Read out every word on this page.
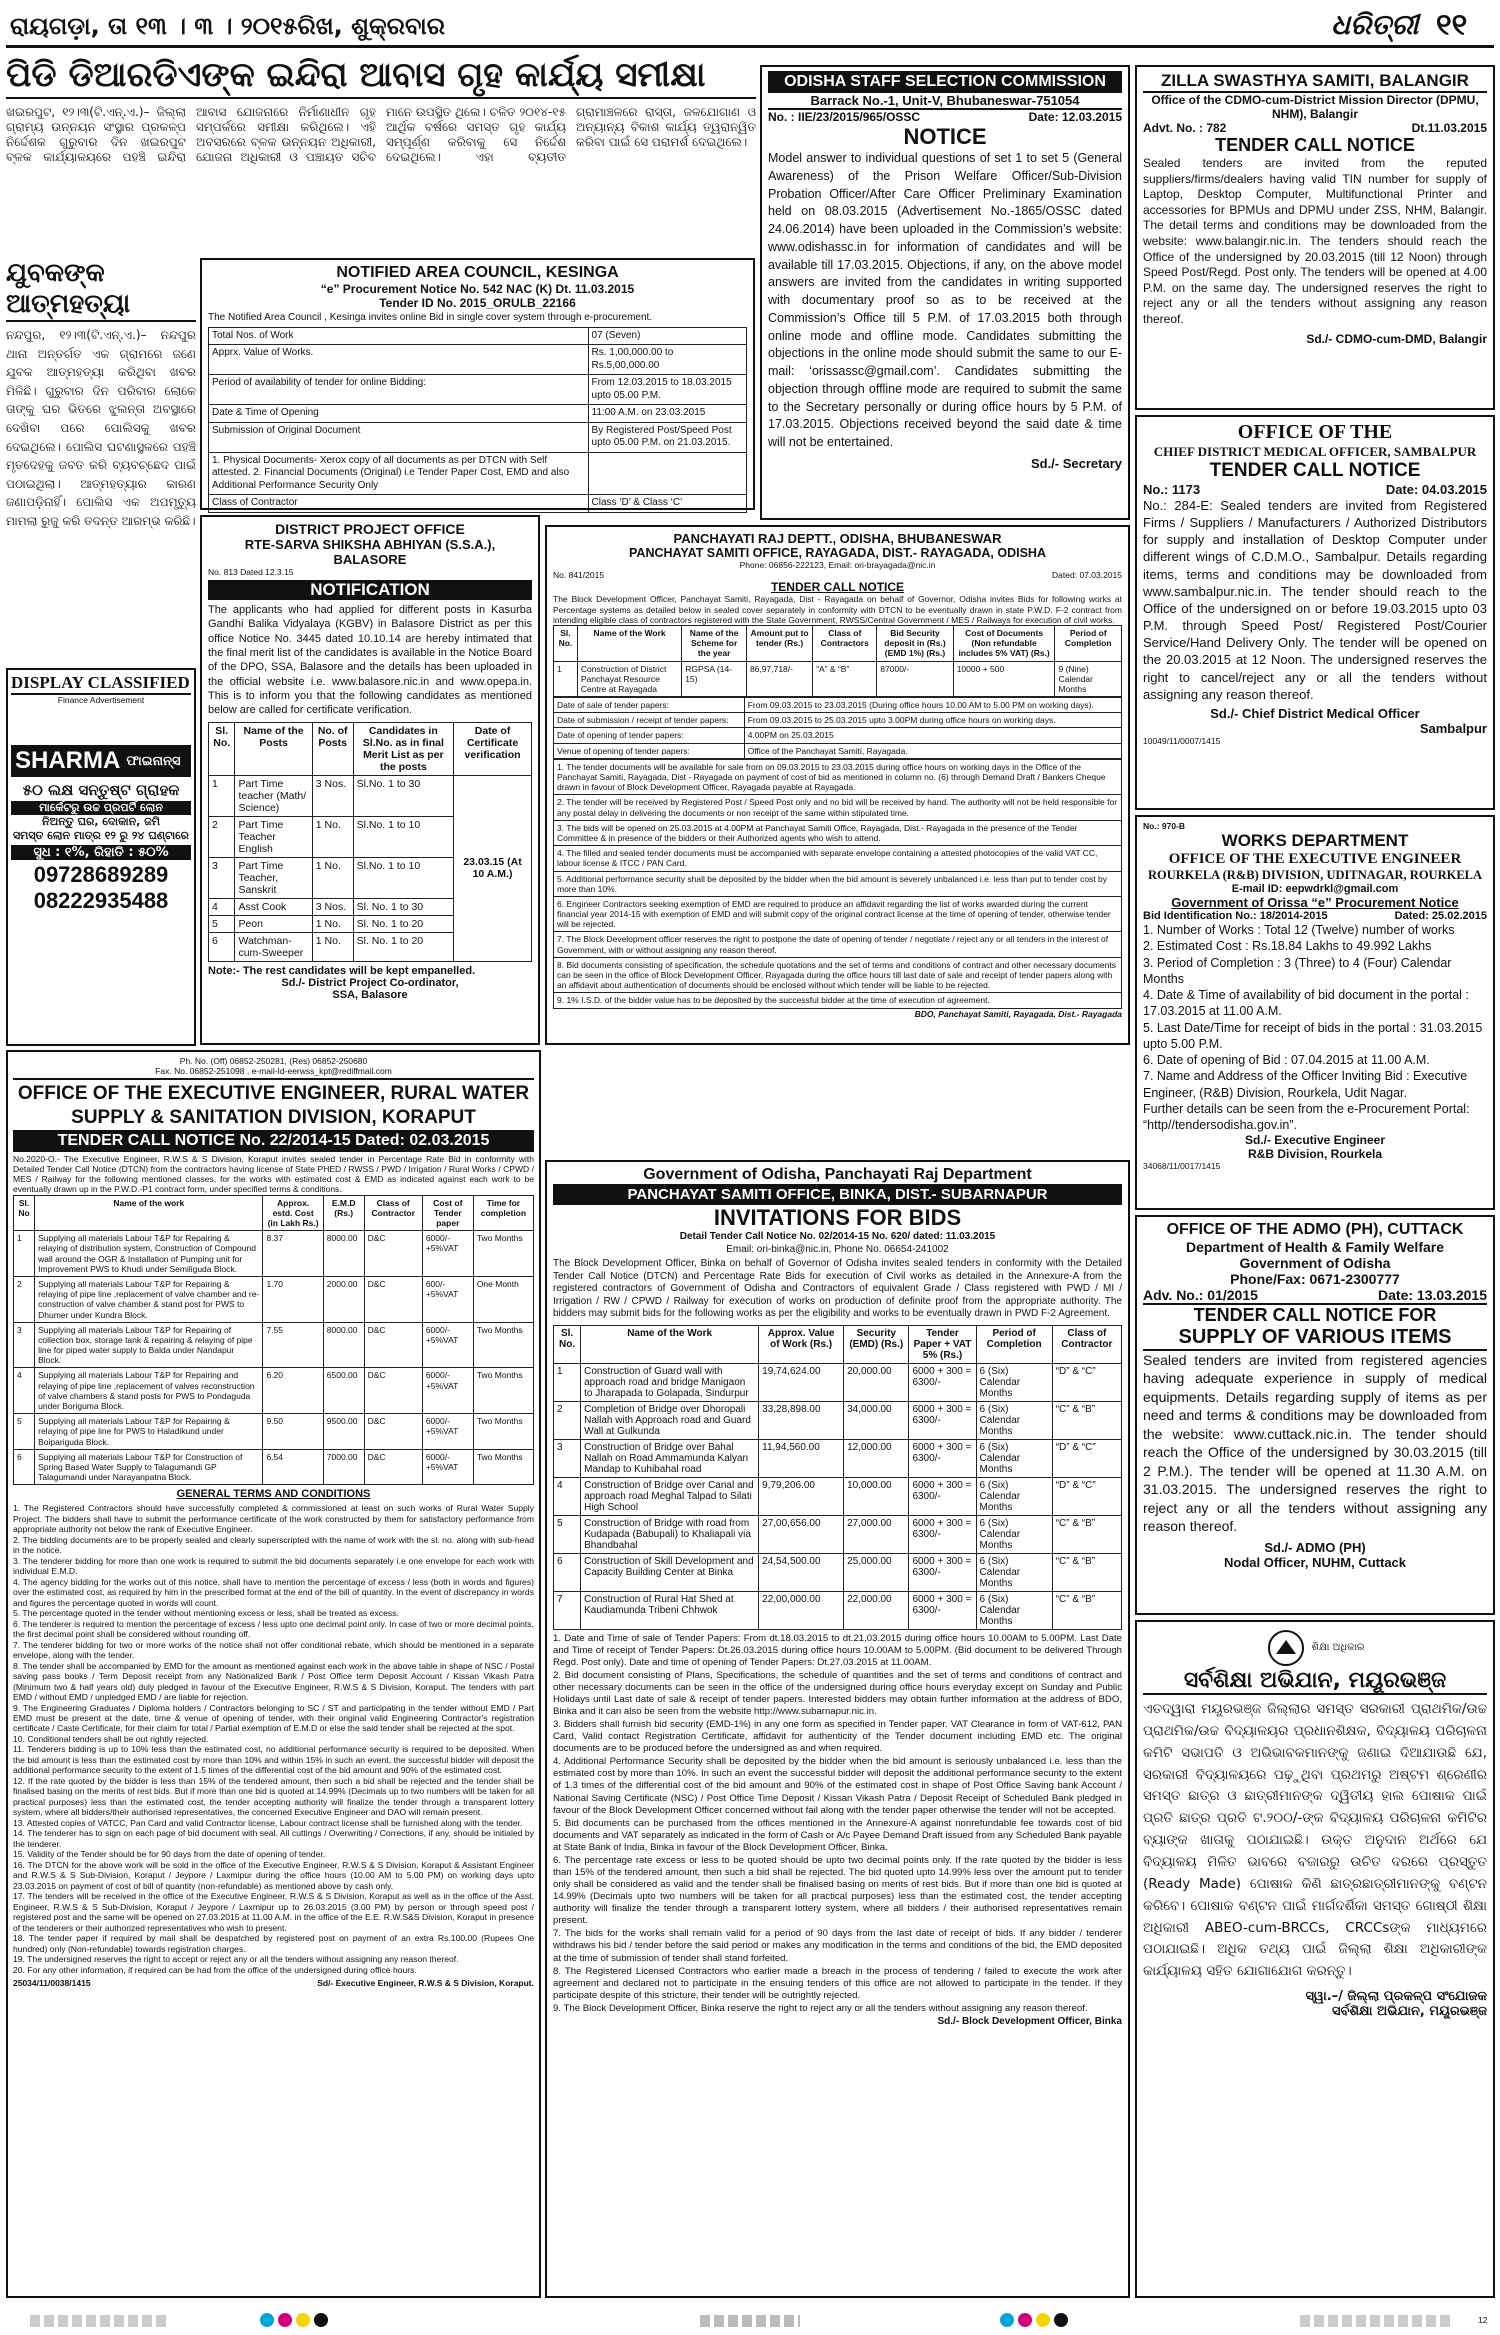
ରାୟଗଡ଼ା, ତା ୧୩ । ୩ । ୨୦୧୫ରିଖ, ଶୁକ୍ରବାର	ଧରିତ୍ରୀ ୧୧
ପିଡି ଡିଆରଡିଏଙ୍କ ଇନ୍ଦିରା ଆବାସ ଗୃହ କାର୍ଯ୍ୟ ସମୀକ୍ଷା
ଖଇରପୁଟ, ୧୨।୩(ଟି.ଏନ୍.ଏ.)– ଜିଲ୍ଲା ଗ୍ରାମ୍ୟ ଉନ୍ନୟନ ସଂସ୍ଥାର ପ୍ରକଳ୍ପ ନିର୍ଦ୍ଦେଶକ ଗୁରୁବାର ଦିନ ଖଇରପୁଟ ବ୍ଳକ କାର୍ଯ୍ୟାଳୟରେ ପହଞ୍ଚି ଇନ୍ଦିରା ଆବାସ ଯୋଜନାରେ ନିର୍ମାଣାଧୀନ ଗୃହ ସମ୍ପର୍କରେ ସମୀକ୍ଷା କରିଥିଲେ। ଏହି ଅବସରରେ ବ୍ଳକ ଉନ୍ନୟନ ଅଧିକାରୀ, ଯୋଜନା ଅଧିକାରୀ ଓ ପଞ୍ଚାୟତ ସଚିବ ମାନେ ଉପସ୍ଥିତ ଥିଲେ। ଚଳିତ ୨୦୧୪-୧୫ ଆର୍ଥିକ ବର୍ଷରେ ସମସ୍ତ ଗୃହ କାର୍ଯ୍ୟ ସମ୍ପୂର୍ଣ୍ଣ କରିବାକୁ ସେ ନିର୍ଦ୍ଦେଶ ଦେଇଥିଲେ। ଏହା ବ୍ୟତୀତ ଗ୍ରାମାଞ୍ଚଳରେ ରାସ୍ତା, ଜଳଯୋଗାଣ ଓ ଅନ୍ୟାନ୍ୟ ବିକାଶ କାର୍ଯ୍ୟ ତ୍ୱରାନ୍ୱିତ କରିବା ପାଇଁ ସେ ପରାମର୍ଶ ଦେଇଥିଲେ।
ଯୁବକଙ୍କ ଆତ୍ମହତ୍ୟା
ନନ୍ଦପୁର, ୧୨।୩(ଟି.ଏନ୍.ଏ.)– ନନ୍ଦପୁର ଥାନା ଅନ୍ତର୍ଗତ ଏକ ଗ୍ରାମରେ ଜଣେ ଯୁବକ ଆତ୍ମହତ୍ୟା କରିଥିବା ଖବର ମିଳିଛି। ଗୁରୁବାର ଦିନ ପରିବାର ଲୋକେ ତାଙ୍କୁ ଘର ଭିତରେ ଝୁଲନ୍ତା ଅବସ୍ଥାରେ ଦେଖିବା ପରେ ପୋଲିସକୁ ଖବର ଦେଇଥିଲେ। ପୋଲିସ ଘଟଣାସ୍ଥଳରେ ପହଞ୍ଚି ମୃତଦେହକୁ ଜବତ କରି ବ୍ୟବଚ୍ଛେଦ ପାଇଁ ପଠାଇଥିଲା। ଆତ୍ମହତ୍ୟାର କାରଣ ଜଣାପଡ଼ିନାହିଁ। ପୋଲିସ ଏକ ଅପମୃତ୍ୟୁ ମାମଲା ରୁଜୁ କରି ତଦନ୍ତ ଆରମ୍ଭ କରିଛି।
NOTIFIED AREA COUNCIL, KESINGA
“e” Procurement Notice No. 542 NAC (K) Dt. 11.03.2015
Tender ID No. 2015_ORULB_22166
The Notified Area Council , Kesinga invites online Bid in single cover system through e-procurement.
Total Nos. of Work	07 (Seven)
Apprx. Value of Works.	Rs. 1,00,000.00 to Rs.5,00,000.00
Period of availability of tender for online Bidding:	From 12.03.2015 to 18.03.2015 upto 05.00 P.M.
Date & Time of Opening	11:00 A.M. on 23.03.2015
Submission of Original Document	By Registered Post/Speed Post upto 05.00 P.M. on 21.03.2015.
1. Physical Documents- Xerox copy of all documents as per DTCN with Self attested. 2. Financial Documents (Original) i.e Tender Paper Cost, EMD and also Additional Performance Security Only	
Class of Contractor	Class ‘D’ & Class ‘C’
DISTRICT PROJECT OFFICE
RTE-SARVA SHIKSHA ABHIYAN (S.S.A.),
BALASORE
No. 813 Dated 12.3.15
NOTIFICATION
The applicants who had applied for different posts in Kasurba Gandhi Balika Vidyalaya (KGBV) in Balasore District as per this office Notice No. 3445 dated 10.10.14 are hereby intimated that the final merit list of the candidates is available in the Notice Board of the DPO, SSA, Balasore and the details has been uploaded in the official website i.e. www.balasore.nic.in and www.opepa.in. This is to inform you that the following candidates as mentioned below are called for certificate verification.
Sl. No.	Name of the Posts	No. of Posts	Candidates in Sl.No. as in final Merit List as per the posts	Date of Certificate verification
1	Part Time teacher (Math/ Science)	3 Nos.	Sl.No. 1 to 30	23.03.15 (At 10 A.M.)
2	Part Time Teacher English	1 No.	Sl.No. 1 to 10	
3	Part Time Teacher, Sanskrit	1 No.	Sl.No. 1 to 10	
4	Asst Cook	3 Nos.	Sl. No. 1 to 30	
5	Peon	1 No.	Sl. No. 1 to 20	
6	Watchman-cum-Sweeper	1 No.	Sl. No. 1 to 20	
Note:- The rest candidates will be kept empanelled.
Sd./- District Project Co-ordinator,
SSA, Balasore
DISPLAY CLASSIFIED
Finance Advertisement
SHARMA ଫାଇନାନ୍ସ
୫୦ ଲକ୍ଷ ସନ୍ତୁଷ୍ଟ ଗ୍ରାହକ
ମାର୍କେଟରୁ ଉଚ୍ଚ ପ୍ରପର୍ଟି ଲୋନ
ନିଅନ୍ତୁ ଘର, ଦୋକାନ, ଜମି
ସମସ୍ତ ଲୋନ ମାତ୍ର ୧୨ ରୁ ୨୪ ଘଣ୍ଟାରେ
ସୁଧ : ୧%, ରିହାତି : ୫୦%
09728689289
08222935488
ODISHA STAFF SELECTION COMMISSION
Barrack No.-1, Unit-V, Bhubaneswar-751054
No. : IIE/23/2015/965/OSSC	Date: 12.03.2015
NOTICE
Model answer to individual questions of set 1 to set 5 (General Awareness) of the Prison Welfare Officer/Sub-Division Probation Officer/After Care Officer Preliminary Examination held on 08.03.2015 (Advertisement No.-1865/OSSC dated 24.06.2014) have been uploaded in the Commission’s website: www.odishassc.in for information of candidates and will be available till 17.03.2015. Objections, if any, on the above model answers are invited from the candidates in writing supported with documentary proof so as to be received at the Commission’s Office till 5 P.M. of 17.03.2015 both through online mode and offline mode. Candidates submitting the objections in the online mode should submit the same to our E-mail: ‘orissassc@gmail.com’. Candidates submitting the objection through offline mode are required to submit the same to the Secretary personally or during office hours by 5 P.M. of 17.03.2015. Objections received beyond the said date & time will not be entertained.
Sd./- Secretary
PANCHAYATI RAJ DEPTT., ODISHA, BHUBANESWAR
PANCHAYAT SAMITI OFFICE, RAYAGADA, DIST.- RAYAGADA, ODISHA
Phone: 06856-222123, Email: ori-brayagada@nic.in
No. 841/2015	Dated: 07.03.2015
TENDER CALL NOTICE
The Block Development Officer, Panchayat Samiti, Rayagada, Dist - Rayagada on behalf of Governor, Odisha invites Bids for following works at Percentage systems as detailed below in sealed cover separately in conformity with DTCN to be eventually drawn in state P.W.D. F-2 contract from intending eligible class of contractors registered with the State Government, RWSS/Central Government / MES / Railways for execution of civil works.
Sl. No.	Name of the Work	Name of the Scheme for the year	Amount put to tender (Rs.)	Class of Contractors	Bid Security deposit in (Rs.) (EMD 1%) (Rs.)	Cost of Documents (Non refundable includes 5% VAT) (Rs.)	Period of Completion
1	Construction of District Panchayat Resource Centre at Rayagada	RGPSA (14-15)	86,97,718/-	“A” & “B”	87000/-	10000 + 500	9 (Nine) Calendar Months
Date of sale of tender papers:	From 09.03.2015 to 23.03.2015 (During office hours 10.00 AM to 5.00 PM on working days).
Date of submission / receipt of tender papers:	From 09.03.2015 to 25.03.2015 upto 3.00PM during office hours on working days.
Date of opening of tender papers:	4.00PM on 25.03.2015
Venue of opening of tender papers:	Office of the Panchayat Samiti, Rayagada.
1. The tender documents will be available for sale from on 09.03.2015 to 23.03.2015 during office hours on working days in the Office of the Panchayat Samiti, Rayagada, Dist - Rayagada on payment of cost of bid as mentioned in column no. (6) through Demand Draft / Bankers Cheque drawn in favour of Block Development Officer, Rayagada payable at Rayagada.
2. The tender will be received by Registered Post / Speed Post only and no bid will be received by hand. The authority will not be held responsible for any postal delay in delivering the documents or non receipt of the same within stipulated time.
3. The bids will be opened on 25.03.2015 at 4.00PM at Panchayat Samiti Office, Rayagada, Dist.- Rayagada in the presence of the Tender Committee & in presence of the bidders or their Authorized agents who wish to attend.
4. The filled and sealed tender documents must be accompanied with separate envelope containing a attested photocopies of the valid VAT CC, labour license & ITCC / PAN Card.
5. Additional performance security shall be deposited by the bidder when the bid amount is severely unbalanced i.e. less than put to tender cost by more than 10%.
6. Engineer Contractors seeking exemption of EMD are required to produce an affidavit regarding the list of works awarded during the current financial year 2014-15 with exemption of EMD and will submit copy of the original contract license at the time of opening of tender, otherwise tender will be rejected.
7. The Block Development officer reserves the right to postpone the date of opening of tender / negotiate / reject any or all tenders in the interest of Government, with or without assigning any reason thereof.
8. Bid documents consisting of specification, the schedule quotations and the set of terms and conditions of contract and other necessary documents can be seen in the office of Block Development Officer, Rayagada during the office hours till last date of sale and receipt of tender papers along with an affidavit about authentication of documents should be enclosed without which tender will be liable to be rejected.
9. 1% I.S.D. of the bidder value has to be deposited by the successful bidder at the time of execution of agreement.
BDO, Panchayat Samiti, Rayagada, Dist.- Rayagada
Ph. No. (Off) 06852-250281, (Res) 06852-250680
Fax. No. 06852-251098 , e-mail-Id-eerwss_kpt@rediffmail.com
OFFICE OF THE EXECUTIVE ENGINEER, RURAL WATER SUPPLY & SANITATION DIVISION, KORAPUT
TENDER CALL NOTICE No. 22/2014-15 Dated: 02.03.2015
No.2020-O.- The Executive Engineer, R.W.S & S Division, Koraput invites sealed tender in Percentage Rate Bid in conformity with Detailed Tender Call Notice (DTCN) from the contractors having license of State PHED / RWSS / PWD / Irrigation / Rural Works / CPWD / MES / Railway for the following mentioned classes, for the works with estimated cost & EMD as indicated against each work to be eventually drawn up in the P.W.D.-P1 contract form, under specified terms & conditions.
Sl. No	Name of the work	Approx. estd. Cost (in Lakh Rs.)	E.M.D (Rs.)	Class of Contractor	Cost of Tender paper	Time for completion
1	Supplying all materials Labour T&P for Repairing & relaying of distribution system, Construction of Compound wall around the OGR & Installation of Pumping unit for Improvement PWS to Khudi under Semiliguda Block.	8.37	8000.00	D&C	6000/-+5%VAT	Two Months
2	Supplying all materials Labour T&P for Repairing & relaying of pipe line ,replacement of valve chamber and re-construction of valve chamber & stand post for PWS to Dhumer under Kundra Block.	1.70	2000.00	D&C	600/-+5%VAT	One Month
3	Supplying all materials Labour T&P for Repairing of collection box, storage tank & repairing & relaying of pipe line for piped water supply to Balda under Nandapur Block.	7.55	8000.00	D&C	6000/-+5%VAT	Two Months
4	Supplying all materials Labour T&P for Repairing and relaying of pipe line ,replacement of valves reconstruction of valve chambers & stand posts for PWS to Pondaguda under Boriguma Block.	6.20	6500.00	D&C	6000/-+5%VAT	Two Months
5	Supplying all materials Labour T&P for Repairing & relaying of pipe line for PWS to Haladikund under Boipariguda Block.	9.50	9500.00	D&C	6000/-+5%VAT	Two Months
6	Supplying all materials Labour T&P for Construction of Spring Based Water Supply to Talagumandi GP Talagumandi under Narayanpatna Block.	6.54	7000.00	D&C	6000/-+5%VAT	Two Months
GENERAL TERMS AND CONDITIONS
1. The Registered Contractors should have successfully completed & commissioned at least on such works of Rural Water Supply Project. The bidders shall have to submit the performance certificate of the work constructed by them for satisfactory performance from appropriate authority not below the rank of Executive Engineer.
2. The bidding documents are to be properly sealed and clearly superscripted with the name of work with the sl. no. along with sub-head in the notice.
3. The tenderer bidding for more than one work is required to submit the bid documents separately i.e one envelope for each work with individual E.M.D.
4. The agency bidding for the works out of this notice, shall have to mention the percentage of excess / less (both in words and figures) over the estimated cost, as required by him in the prescribed format at the end of the bill of quantity. In the event of discrepancy in words and figures the percentage quoted in words will count.
5. The percentage quoted in the tender without mentioning excess or less, shall be treated as excess.
6. The tenderer is required to mention the percentage of excess / less upto one decimal point only. In case of two or more decimal points, the first decimal point shall be considered without rounding off.
7. The tenderer bidding for two or more works of the notice shall not offer conditional rebate, which should be mentioned in a separate envelope, along with the tender.
8. The tender shall be accompanied by EMD for the amount as mentioned against each work in the above table in shape of NSC / Postal saving pass books / Term Deposit receipt from any Nationalized Bank / Post Office term Deposit Account / Kissan Vikash Patra (Minimum two & half years old) duly pledged in favour of the Executive Engineer, R.W.S & S Division, Koraput. The tenders with part EMD / without EMD / unpledged EMD / are liable for rejection.
9. The Engineering Graduates / Diploma holders / Contractors belonging to SC / ST and participating in the tender without EMD / Part EMD must be present at the date, time & venue of opening of tender, with their original valid Engineering Contractor's registration certificate / Caste Certificate, for their claim for total / Partial exemption of E.M.D or else the said tender shall be rejected at the spot.
10. Conditional tenders shall be out rightly rejected.
11. Tenderers bidding is up to 10% less than the estimated cost, no additional performance security is required to be deposited. When the bid amount is less than the estimated cost by more than 10% and within 15% in such an event, the successful bidder will deposit the additional performance security to the extent of 1.5 times of the differential cost of the bid amount and 90% of the estimated cost.
12. If the rate quoted by the bidder is less than 15% of the tendered amount, then such a bid shall be rejected and the tender shall be finalised basing on the merits of rest bids. But if more than one bid is quoted at 14.99% (Decimals up to two numbers will be taken for all practical purposes) less than the estimated cost, the tender accepting authority will finalize the tender through a transparent lottery system, where all bidders/their authorised representatives, the concerned Executive Engineer and DAO will remain present.
13. Attested copies of VATCC, Pan Card and valid Contractor license, Labour contract license shall be furnished along with the tender.
14. The tenderer has to sign on each page of bid document with seal. All cuttings / Overwriting / Corrections, if any, should be initialed by the tenderer.
15. Validity of the Tender should be for 90 days from the date of opening of tender.
16. The DTCN for the above work will be sold in the office of the Executive Engineer, R.W.S & S Division, Koraput & Assistant Engineer and R.W.S & S Sub-Division, Koraput / Jeypore / Laxmipur during the office hours (10.00 AM to 5.00 PM) on working days upto 23.03.2015 on payment of cost of bill of quantity (non-refundable) as mentioned above by cash only.
17. The tenders will be received in the office of the Executive Engineer, R.W.S & S Division, Koraput as well as in the office of the Asst. Engineer, R.W.S & S Sub-Division, Koraput / Jeypore / Laxmipur up to 26.03.2015 (3.00 PM) by person or through speed post / registered post and the same will be opened on 27.03.2015 at 11.00 A.M. in the office of the E.E. R.W.S&S Division, Koraput in presence of the tenderers or their authorized representatives who wish to present.
18. The tender paper if required by mail shall be despatched by registered post on payment of an extra Rs.100.00 (Rupees One hundred) only (Non-refundable) towards registration charges.
19. The undersigned reserves the right to accept or reject any or all the tenders without assigning any reason thereof.
20. For any other information, if required can be had from the office of the undersigned during office hours.
25034/11/0038/1415	Sd/- Executive Engineer, R.W.S & S Division, Koraput.
Government of Odisha, Panchayati Raj Department
PANCHAYAT SAMITI OFFICE, BINKA, DIST.- SUBARNAPUR
INVITATIONS FOR BIDS
Detail Tender Call Notice No. 02/2014-15 No. 620/ dated: 11.03.2015
Email: ori-binka@nic.in, Phone No. 06654-241002
The Block Development Officer, Binka on behalf of Governor of Odisha invites sealed tenders in conformity with the Detailed Tender Call Notice (DTCN) and Percentage Rate Bids for execution of Civil works as detailed in the Annexure-A from the registered contractors of Government of Odisha and Contractors of equivalent Grade / Class registered with PWD / MI / Irrigation / RW / CPWD / Railway for execution of works on production of definite proof from the appropriate authority. The bidders may submit bids for the following works as per the eligibility and works to be eventually drawn in PWD F-2 Agreement.
Sl. No.	Name of the Work	Approx. Value of Work (Rs.)	Security (EMD) (Rs.)	Tender Paper + VAT 5% (Rs.)	Period of Completion	Class of Contractor
1	Construction of Guard wall with approach road and bridge Manigaon to Jharapada to Golapada, Sindurpur	19,74,624.00	20,000.00	6000 + 300 = 6300/-	6 (Six) Calendar Months	“D” & “C”
2	Completion of Bridge over Dhoropali Nallah with Approach road and Guard Wall at Gulkunda	33,28,898.00	34,000.00	6000 + 300 = 6300/-	6 (Six) Calendar Months	“C” & “B”
3	Construction of Bridge over Bahal Nallah on Road Ammamunda Kalyan Mandap to Kuhibahal road	11,94,560.00	12,000.00	6000 + 300 = 6300/-	6 (Six) Calendar Months	“D” & “C”
4	Construction of Bridge over Canal and approach road Meghal Talpad to Silati High School	9,79,206.00	10,000.00	6000 + 300 = 6300/-	6 (Six) Calendar Months	“D” & “C”
5	Construction of Bridge with road from Kudapada (Babupali) to Khaliapali via Bhandbahal	27,00,656.00	27,000.00	6000 + 300 = 6300/-	6 (Six) Calendar Months	“C” & “B”
6	Construction of Skill Development and Capacity Building Center at Binka	24,54,500.00	25,000.00	6000 + 300 = 6300/-	6 (Six) Calendar Months	“C” & “B”
7	Construction of Rural Hat Shed at Kaudiamunda Tribeni Chhwok	22,00,000.00	22,000.00	6000 + 300 = 6300/-	6 (Six) Calendar Months	“C” & “B”
1. Date and Time of sale of Tender Papers: From dt.18.03.2015 to dt.21.03.2015 during office hours 10.00AM to 5.00PM. Last Date and Time of receipt of Tender Papers: Dt.26.03.2015 during office hours 10.00AM to 5.00PM. (Bid document to be delivered Through Regd. Post only). Date and time of opening of Tender Papers: Dt.27.03.2015 at 11.00AM.
2. Bid document consisting of Plans, Specifications, the schedule of quantities and the set of terms and conditions of contract and other necessary documents can be seen in the office of the undersigned during office hours everyday except on Sunday and Public Holidays until Last date of sale & receipt of tender papers. Interested bidders may obtain further information at the address of BDO, Binka and it can also be seen from the website http://www.subarnapur.nic.in.
3. Bidders shall furnish bid security (EMD-1%) in any one form as specified in Tender paper. VAT Clearance in form of VAT-612, PAN Card, Valid contact Registration Certificate, affidavit for authenticity of the Tender document including EMD etc. The original documents are to be produced before the undersigned as and when required.
4. Additional Performance Security shall be deposited by the bidder when the bid amount is seriously unbalanced i.e. less than the estimated cost by more than 10%. In such an event the successful bidder will deposit the additional performance security to the extent of 1.3 times of the differential cost of the bid amount and 90% of the estimated cost in shape of Post Office Saving bank Account / National Saving Certificate (NSC) / Post Office Time Deposit / Kissan Vikash Patra / Deposit Receipt of Scheduled Bank pledged in favour of the Block Development Officer concerned without fail along with the tender paper otherwise the tender will not be accepted.
5. Bid documents can be purchased from the offices mentioned in the Annexure-A against nonrefundable fee towards cost of bid documents and VAT separately as indicated in the form of Cash or A/c Payee Demand Draft issued from any Scheduled Bank payable at State Bank of India, Binka in favour of the Block Development Officer, Binka.
6. The percentage rate excess or less to be quoted should be upto two decimal points only. If the rate quoted by the bidder is less than 15% of the tendered amount, then such a bid shall be rejected. The bid quoted upto 14.99% less over the amount put to tender only shall be considered as valid and the tender shall be finalised basing on merits of rest bids. But if more than one bid is quoted at 14.99% (Decimals upto two numbers will be taken for all practical purposes) less than the estimated cost, the tender accepting authority will finalize the tender through a transparent lottery system, where all bidders / their authorised representatives remain present.
7. The bids for the works shall remain valid for a period of 90 days from the last date of receipt of bids. If any bidder / tenderer withdraws his bid / tender before the said period or makes any modification in the terms and conditions of the bid, the EMD deposited at the time of submission of tender shall stand forfeited.
8. The Registered Licensed Contractors who earlier made a breach in the process of tendering / failed to execute the work after agreement and declared not to participate in the ensuing tenders of this office are not allowed to participate in the tender. If they participate despite of this stricture, their tender will be outrightly rejected.
9. The Block Development Officer, Binka reserve the right to reject any or all the tenders without assigning any reason thereof.
Sd./- Block Development Officer, Binka
ZILLA SWASTHYA SAMITI, BALANGIR
Office of the CDMO-cum-District Mission Director (DPMU, NHM), Balangir
Advt. No. : 782	Dt.11.03.2015
TENDER CALL NOTICE
Sealed tenders are invited from the reputed suppliers/firms/dealers having valid TIN number for supply of Laptop, Desktop Computer, Multifunctional Printer and accessories for BPMUs and DPMU under ZSS, NHM, Balangir. The detail terms and conditions may be downloaded from the website: www.balangir.nic.in. The tenders should reach the Office of the undersigned by 20.03.2015 (till 12 Noon) through Speed Post/Regd. Post only. The tenders will be opened at 4.00 P.M. on the same day. The undersigned reserves the right to reject any or all the tenders without assigning any reason thereof.
Sd./- CDMO-cum-DMD, Balangir
OFFICE OF THE
CHIEF DISTRICT MEDICAL OFFICER, SAMBALPUR
TENDER CALL NOTICE
No.: 1173	Date: 04.03.2015
No.: 284-E: Sealed tenders are invited from Registered Firms / Suppliers / Manufacturers / Authorized Distributors for supply and installation of Desktop Computer under different wings of C.D.M.O., Sambalpur. Details regarding items, terms and conditions may be downloaded from www.sambalpur.nic.in. The tender should reach to the Office of the undersigned on or before 19.03.2015 upto 03 P.M. through Speed Post/ Registered Post/Courier Service/Hand Delivery Only. The tender will be opened on the 20.03.2015 at 12 Noon. The undersigned reserves the right to cancel/reject any or all the tenders without assigning any reason thereof.
Sd./- Chief District Medical Officer
Sambalpur
10049/11/0007/1415
No.: 970-B
WORKS DEPARTMENT
OFFICE OF THE EXECUTIVE ENGINEER
ROURKELA (R&B) DIVISION, UDITNAGAR, ROURKELA
E-mail ID: eepwdrkl@gmail.com
Government of Orissa “e” Procurement Notice
Bid Identification No.: 18/2014-2015	Dated: 25.02.2015
1. Number of Works : Total 12 (Twelve) number of works
2. Estimated Cost : Rs.18.84 Lakhs to 49.992 Lakhs
3. Period of Completion : 3 (Three) to 4 (Four) Calendar Months
4. Date & Time of availability of bid document in the portal : 17.03.2015 at 11.00 A.M.
5. Last Date/Time for receipt of bids in the portal : 31.03.2015 upto 5.00 P.M.
6. Date of opening of Bid : 07.04.2015 at 11.00 A.M.
7. Name and Address of the Officer Inviting Bid : Executive Engineer, (R&B) Division, Rourkela, Udit Nagar.
Further details can be seen from the e-Procurement Portal: “http//tendersodisha.gov.in”.
Sd./- Executive Engineer
R&B Division, Rourkela
34068/11/0017/1415
OFFICE OF THE ADMO (PH), CUTTACK
Department of Health & Family Welfare
Government of Odisha
Phone/Fax: 0671-2300777
Adv. No.: 01/2015	Date: 13.03.2015
TENDER CALL NOTICE FOR
SUPPLY OF VARIOUS ITEMS
Sealed tenders are invited from registered agencies having adequate experience in supply of medical equipments. Details regarding supply of items as per need and terms & conditions may be downloaded from the website: www.cuttack.nic.in. The tender should reach the Office of the undersigned by 30.03.2015 (till 2 P.M.). The tender will be opened at 11.30 A.M. on 31.03.2015. The undersigned reserves the right to reject any or all the tenders without assigning any reason thereof.
Sd./- ADMO (PH)
Nodal Officer, NUHM, Cuttack
ଶିକ୍ଷା ଅଧିକାର
ସର୍ବଶିକ୍ଷା ଅଭିଯାନ, ମୟୂରଭଞ୍ଜ
ଏତଦ୍ୱାରା ମୟୂରଭଞ୍ଜ ଜିଲ୍ଲାର ସମସ୍ତ ସରକାରୀ ପ୍ରାଥମିକ/ଉଚ୍ଚ ପ୍ରାଥମିକ/ଉଚ୍ଚ ବିଦ୍ୟାଳୟର ପ୍ରଧାନଶିକ୍ଷକ, ବିଦ୍ୟାଳୟ ପରିଚାଳନା କମିଟି ସଭାପତି ଓ ଅଭିଭାବକମାନଙ୍କୁ ଜଣାଇ ଦିଆଯାଉଛି ଯେ, ସରକାରୀ ବିଦ୍ୟାଳୟରେ ପଢ଼ୁଥିବା ପ୍ରଥମରୁ ଅଷ୍ଟମ ଶ୍ରେଣୀର ସମସ୍ତ ଛାତ୍ର ଓ ଛାତ୍ରୀମାନଙ୍କ ଦ୍ୱିତୀୟ ହାଲ ପୋଷାକ ପାଇଁ ପ୍ରତି ଛାତ୍ର ପ୍ରତି ଟ.୨୦୦/-ଙ୍କ ବିଦ୍ୟାଳୟ ପରିଚାଳନା କମିଟିର ବ୍ୟାଙ୍କ ଖାତାକୁ ପଠାଯାଇଛି। ଉକ୍ତ ଅନୁଦାନ ଅର୍ଥରେ ଯେ ବିଦ୍ୟାଳୟ ମିଳିତ ଭାବରେ ବଜାରରୁ ଉଚିତ ଦରରେ ପ୍ରସ୍ତୁତ (Ready Made) ପୋଷାକ କିଣି ଛାତ୍ରଛାତ୍ରୀମାନଙ୍କୁ ବଣ୍ଟନ କରିବେ। ପୋଷାକ ବଣ୍ଟନ ପାଇଁ ମାର୍ଗଦର୍ଶିକା ସମସ୍ତ ଗୋଷ୍ଠୀ ଶିକ୍ଷା ଅଧିକାରୀ ABEO-cum-BRCCs, CRCCsଙ୍କ ମାଧ୍ୟମରେ ପଠାଯାଇଛି। ଅଧିକ ତଥ୍ୟ ପାଇଁ ଜିଲ୍ଲା ଶିକ୍ଷା ଅଧିକାରୀଙ୍କ କାର୍ଯ୍ୟାଳୟ ସହିତ ଯୋଗାଯୋଗ କରନ୍ତୁ।
ସ୍ୱା.–/ ଜିଲ୍ଲା ପ୍ରକଳ୍ପ ସଂଯୋଜକ
ସର୍ବଶିକ୍ଷା ଅଭିଯାନ, ମୟୂରଭଞ୍ଜ
12
